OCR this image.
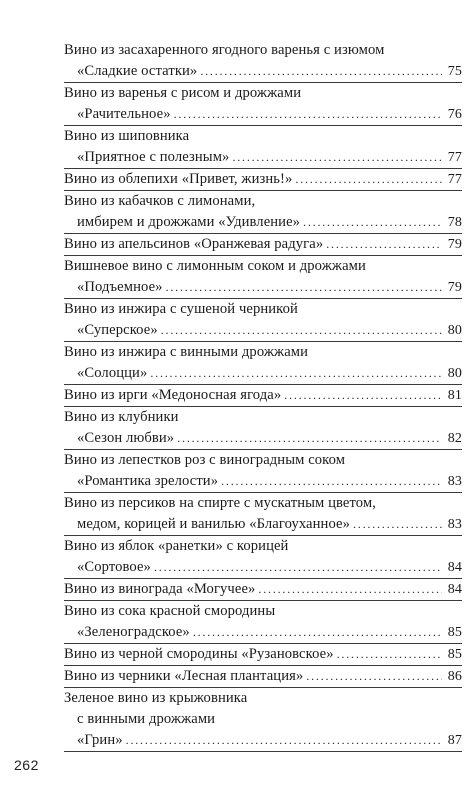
Вино из засахаренного ягодного варенья с изюмом
«Сладкие остатки» .....	75
Вино из варенья с рисом и дрожжами
«Рачительное» .....	76
Вино из шиповника
«Приятное с полезным» .....	77
Вино из облепихи «Привет, жизнь!» .....	77
Вино из кабачков с лимонами,
имбирем и дрожжами «Удивление» .....	78
Вино из апельсинов «Оранжевая радуга» .....	79
Вишневое вино с лимонным соком и дрожжами
«Подъемное» .....	79
Вино из инжира с сушеной черникой
«Суперское» .....	80
Вино из инжира с винными дрожжами
«Солоцци» .....	80
Вино из ирги «Медоносная ягода» .....	81
Вино из клубники
«Сезон любви» .....	82
Вино из лепестков роз с виноградным соком
«Романтика зрелости» .....	83
Вино из персиков на спирте с мускатным цветом,
медом, корицей и ванилью «Благоуханное» .....	83
Вино из яблок «ранетки» с корицей
«Сортовое» .....	84
Вино из винограда «Могучее» .....	84
Вино из сока красной смородины
«Зеленоградское» .....	85
Вино из черной смородины «Рузановское» .....	85
Вино из черники «Лесная плантация» .....	86
Зеленое вино из крыжовника
с винными дрожжами
«Грин» .....	87
262
